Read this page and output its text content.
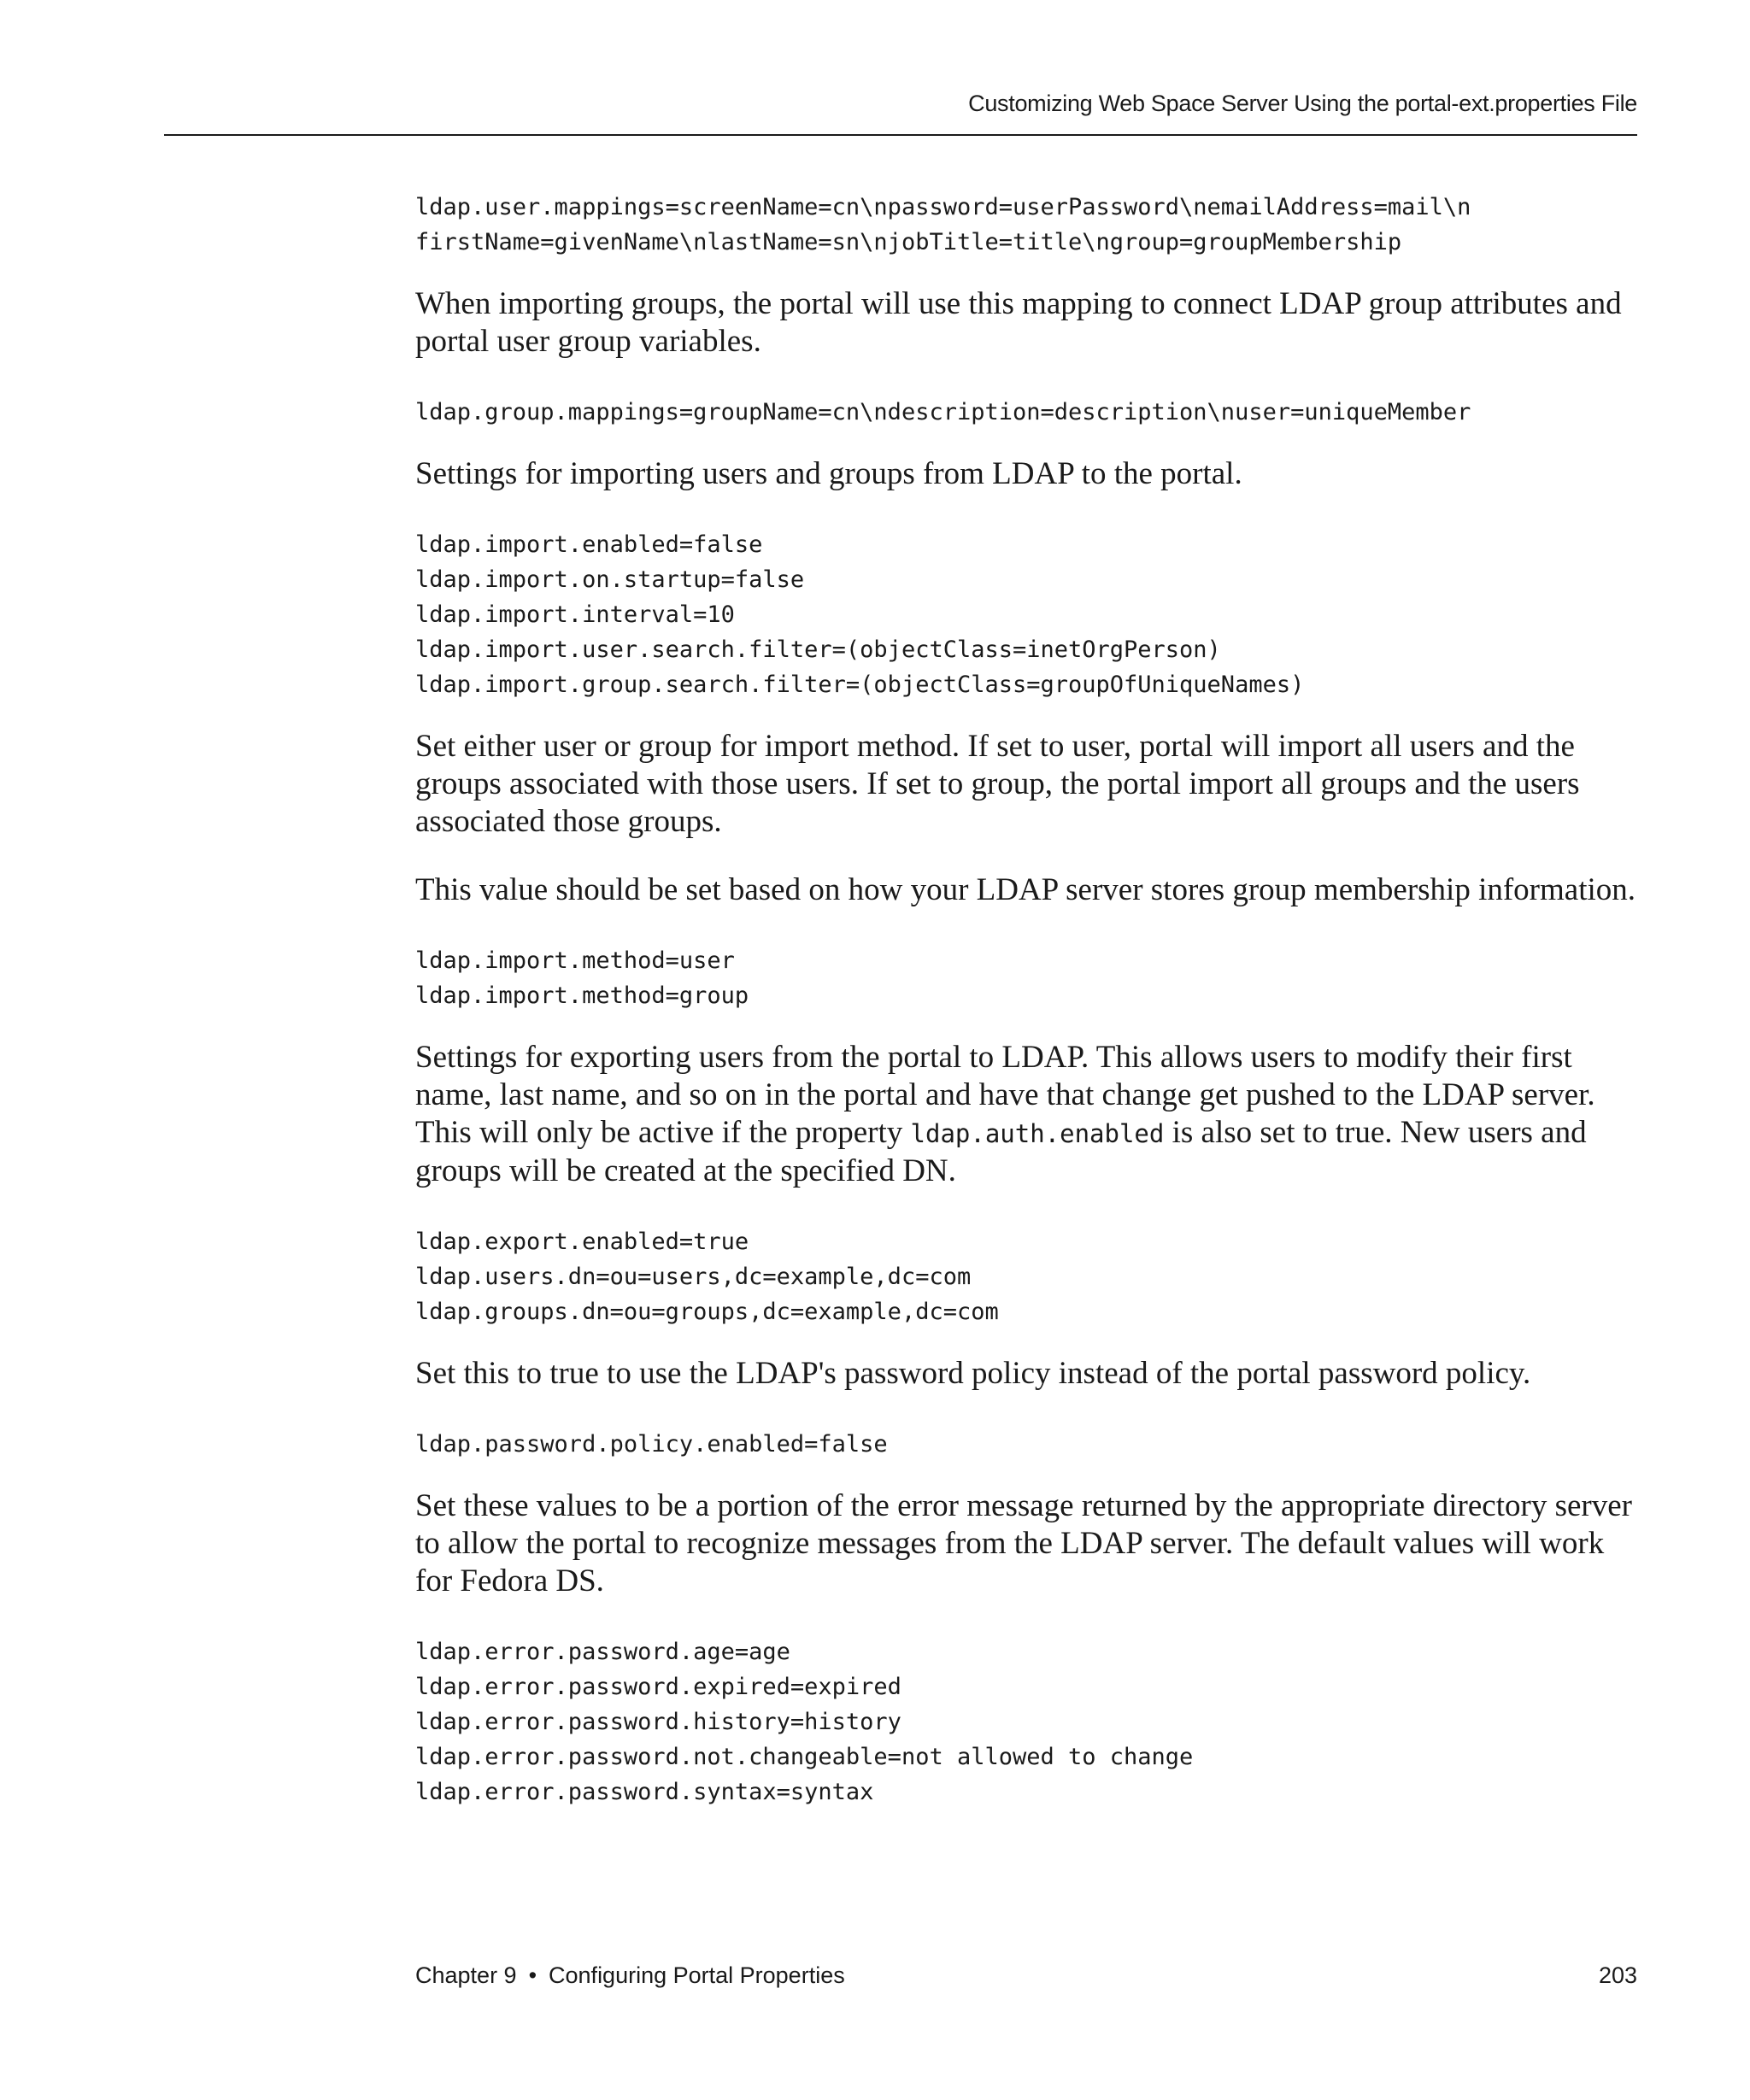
Customizing Web Space Server Using the portal-ext.properties File
ldap.user.mappings=screenName=cn\npassword=userPassword\nemailAddress=mail\n
firstName=givenName\nlastName=sn\njobTitle=title\ngroup=groupMembership

When importing groups, the portal will use this mapping to connect LDAP group attributes and portal user group variables.

ldap.group.mappings=groupName=cn\ndescription=description\nuser=uniqueMember

Settings for importing users and groups from LDAP to the portal.

ldap.import.enabled=false
ldap.import.on.startup=false
ldap.import.interval=10
ldap.import.user.search.filter=(objectClass=inetOrgPerson)
ldap.import.group.search.filter=(objectClass=groupOfUniqueNames)

Set either user or group for import method. If set to user, portal will import all users and the groups associated with those users. If set to group, the portal import all groups and the users associated those groups.

This value should be set based on how your LDAP server stores group membership information.

ldap.import.method=user
ldap.import.method=group

Settings for exporting users from the portal to LDAP. This allows users to modify their first name, last name, and so on in the portal and have that change get pushed to the LDAP server. This will only be active if the property ldap.auth.enabled is also set to true. New users and groups will be created at the specified DN.

ldap.export.enabled=true
ldap.users.dn=ou=users,dc=example,dc=com
ldap.groups.dn=ou=groups,dc=example,dc=com

Set this to true to use the LDAP's password policy instead of the portal password policy.

ldap.password.policy.enabled=false

Set these values to be a portion of the error message returned by the appropriate directory server to allow the portal to recognize messages from the LDAP server. The default values will work for Fedora DS.

ldap.error.password.age=age
ldap.error.password.expired=expired
ldap.error.password.history=history
ldap.error.password.not.changeable=not allowed to change
ldap.error.password.syntax=syntax
Chapter 9 • Configuring Portal Properties	203
